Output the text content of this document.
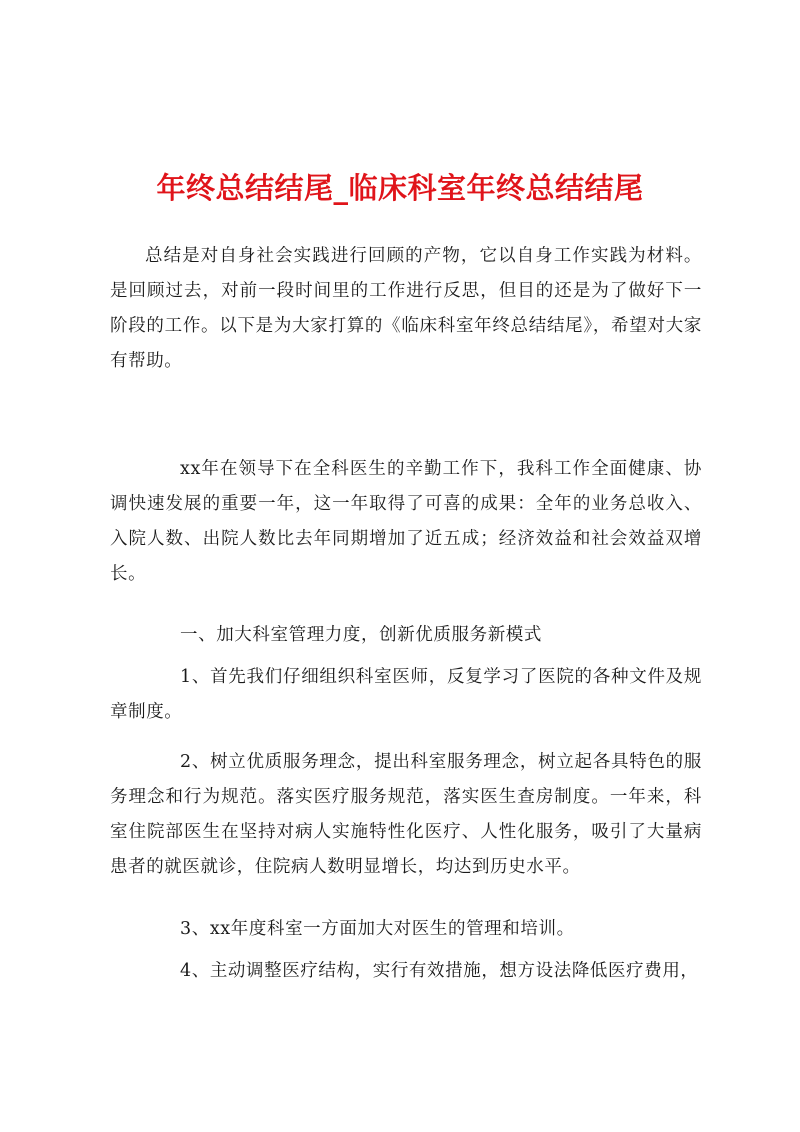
年终总结结尾_临床科室年终总结结尾

总结是对自身社会实践进行回顾的产物，它以自身工作实践为材料。是回顾过去，对前一段时间里的工作进行反思，但目的还是为了做好下一阶段的工作。以下是为大家打算的《临床科室年终总结结尾》，希望对大家有帮助。

xx年在领导下在全科医生的辛勤工作下，我科工作全面健康、协调快速发展的重要一年，这一年取得了可喜的成果：全年的业务总收入、入院人数、出院人数比去年同期增加了近五成；经济效益和社会效益双增长。

一、加大科室管理力度，创新优质服务新模式

1、首先我们仔细组织科室医师，反复学习了医院的各种文件及规章制度。

2、树立优质服务理念，提出科室服务理念，树立起各具特色的服务理念和行为规范。落实医疗服务规范，落实医生查房制度。一年来，科室住院部医生在坚持对病人实施特性化医疗、人性化服务，吸引了大量病患者的就医就诊，住院病人数明显增长，均达到历史水平。

3、xx年度科室一方面加大对医生的管理和培训。

4、主动调整医疗结构，实行有效措施，想方设法降低医疗费用，
